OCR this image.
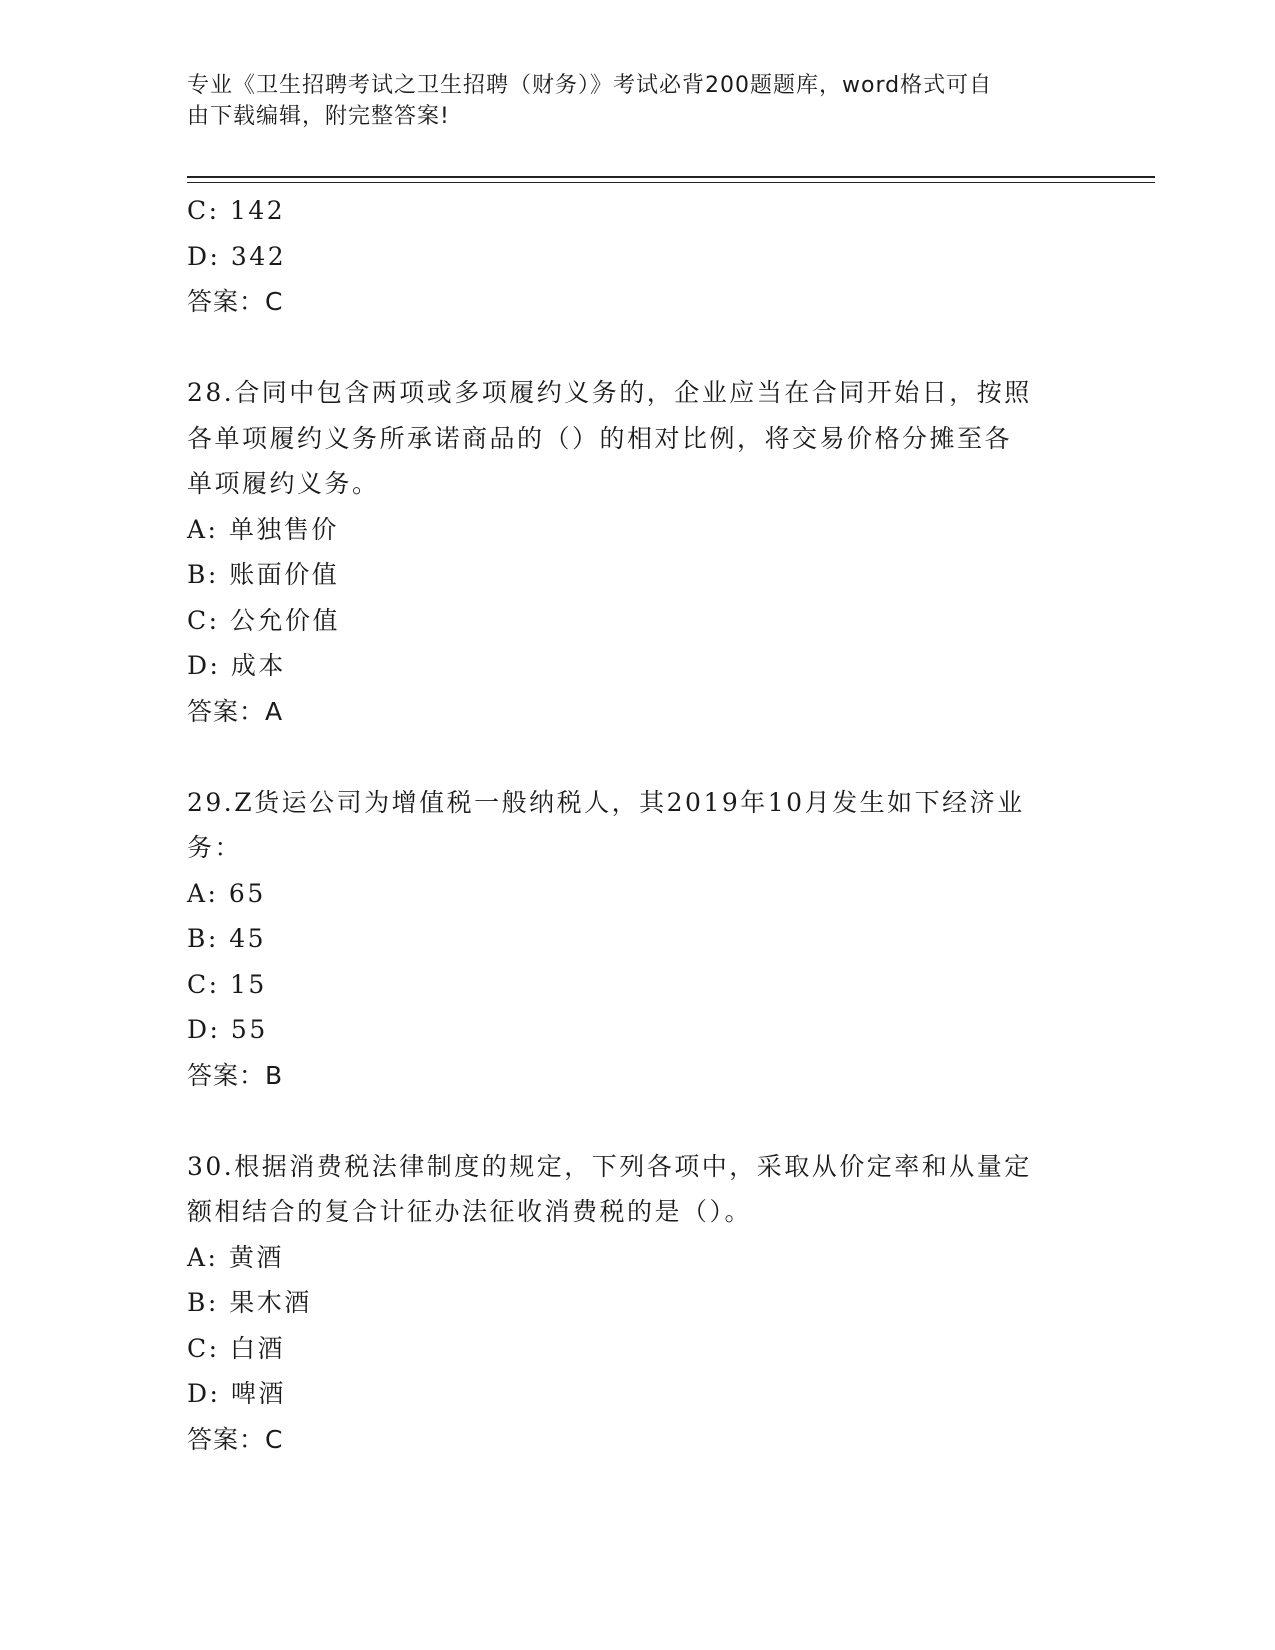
专业《卫生招聘考试之卫生招聘（财务）》考试必背200题题库，word格式可自
由下载编辑，附完整答案!
C: 142
D: 342
答案：C
28.合同中包含两项或多项履约义务的，企业应当在合同开始日，按照
各单项履约义务所承诺商品的（）的相对比例，将交易价格分摊至各
单项履约义务。
A: 单独售价
B: 账面价值
C: 公允价值
D: 成本
答案：A
29.Z货运公司为增值税一般纳税人，其2019年10月发生如下经济业
务：
A: 65
B: 45
C: 15
D: 55
答案：B
30.根据消费税法律制度的规定，下列各项中，采取从价定率和从量定
额相结合的复合计征办法征收消费税的是（）。
A: 黄酒
B: 果木酒
C: 白酒
D: 啤酒
答案：C
